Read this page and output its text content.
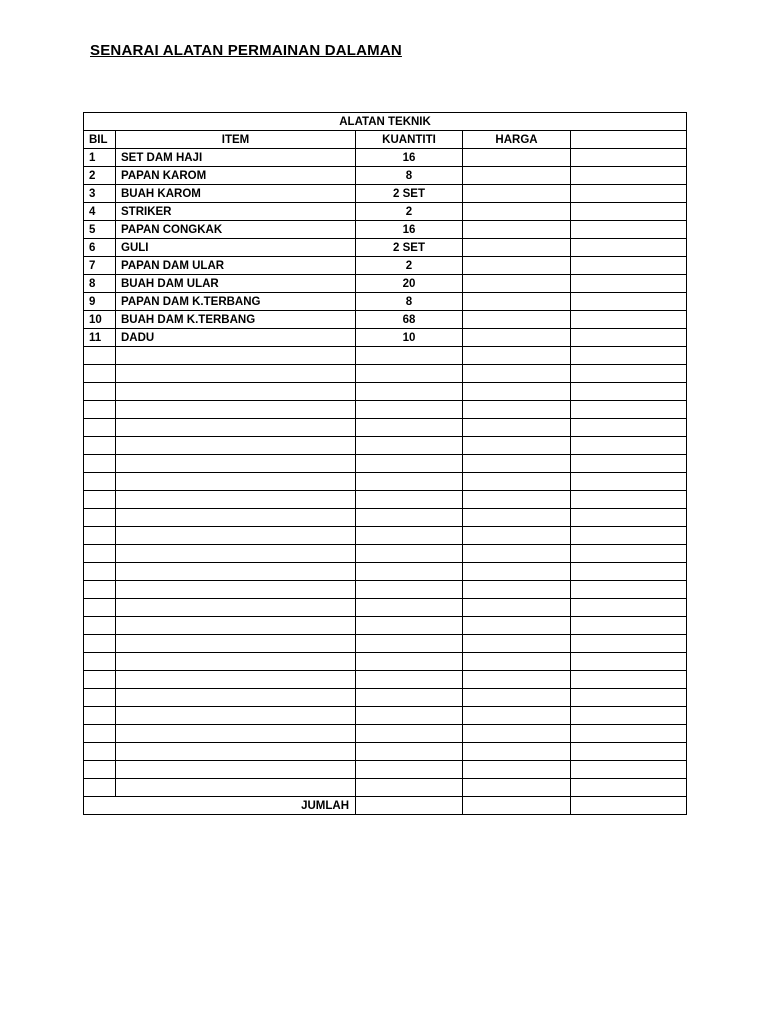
SENARAI ALATAN PERMAINAN DALAMAN
ALATAN TEKNIK				
BIL	ITEM	KUANTITI	HARGA	
1	SET DAM HAJI	16		
2	PAPAN KAROM	8		
3	BUAH KAROM	2 SET		
4	STRIKER	2		
5	PAPAN CONGKAK	16		
6	GULI	2 SET		
7	PAPAN DAM ULAR	2		
8	BUAH DAM ULAR	20		
9	PAPAN DAM K.TERBANG	8		
10	BUAH DAM K.TERBANG	68		
11	DADU	10		

JUMLAH				
